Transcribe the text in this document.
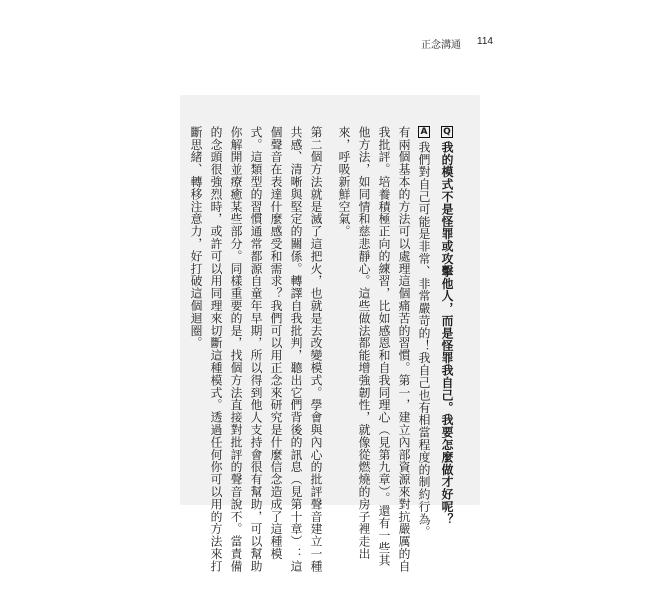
正念溝通 114
Q我的模式不是怪罪或攻擊他人，而是怪罪我自己。我要怎麼做才好呢？
A我們對自己可能是非常、非常嚴苛的！我自己也有相當程度的制約行為。
有兩個基本的方法可以處理這個痛苦的習慣。第一，建立內部資源來對抗嚴厲的自
我批評。培養積極正向的練習，比如感恩和自我同理心（見第九章）。還有一些其
他方法，如同情和慈悲靜心。這些做法都能增強韌性，就像從燃燒的房子裡走出
來，呼吸新鮮空氣。
第二個方法就是滅了這把火，也就是去改變模式。學會與內心的批評聲音建立一種
共感、清晰與堅定的關係。轉譯自我批判，聽出它們背後的訊息（見第十章）：這
個聲音在表達什麼感受和需求？我們可以用正念來研究是什麼信念造成了這種模
式。這類型的習慣通常都源自童年早期，所以得到他人支持會很有幫助，可以幫助
你解開並療癒某些部分。同樣重要的是，找個方法直接對批評的聲音說不。當責備
的念頭很強烈時，或許可以用同理來切斷這種模式。透過任何你可以用的方法來打
斷思緒、轉移注意力，好打破這個迴圈。
